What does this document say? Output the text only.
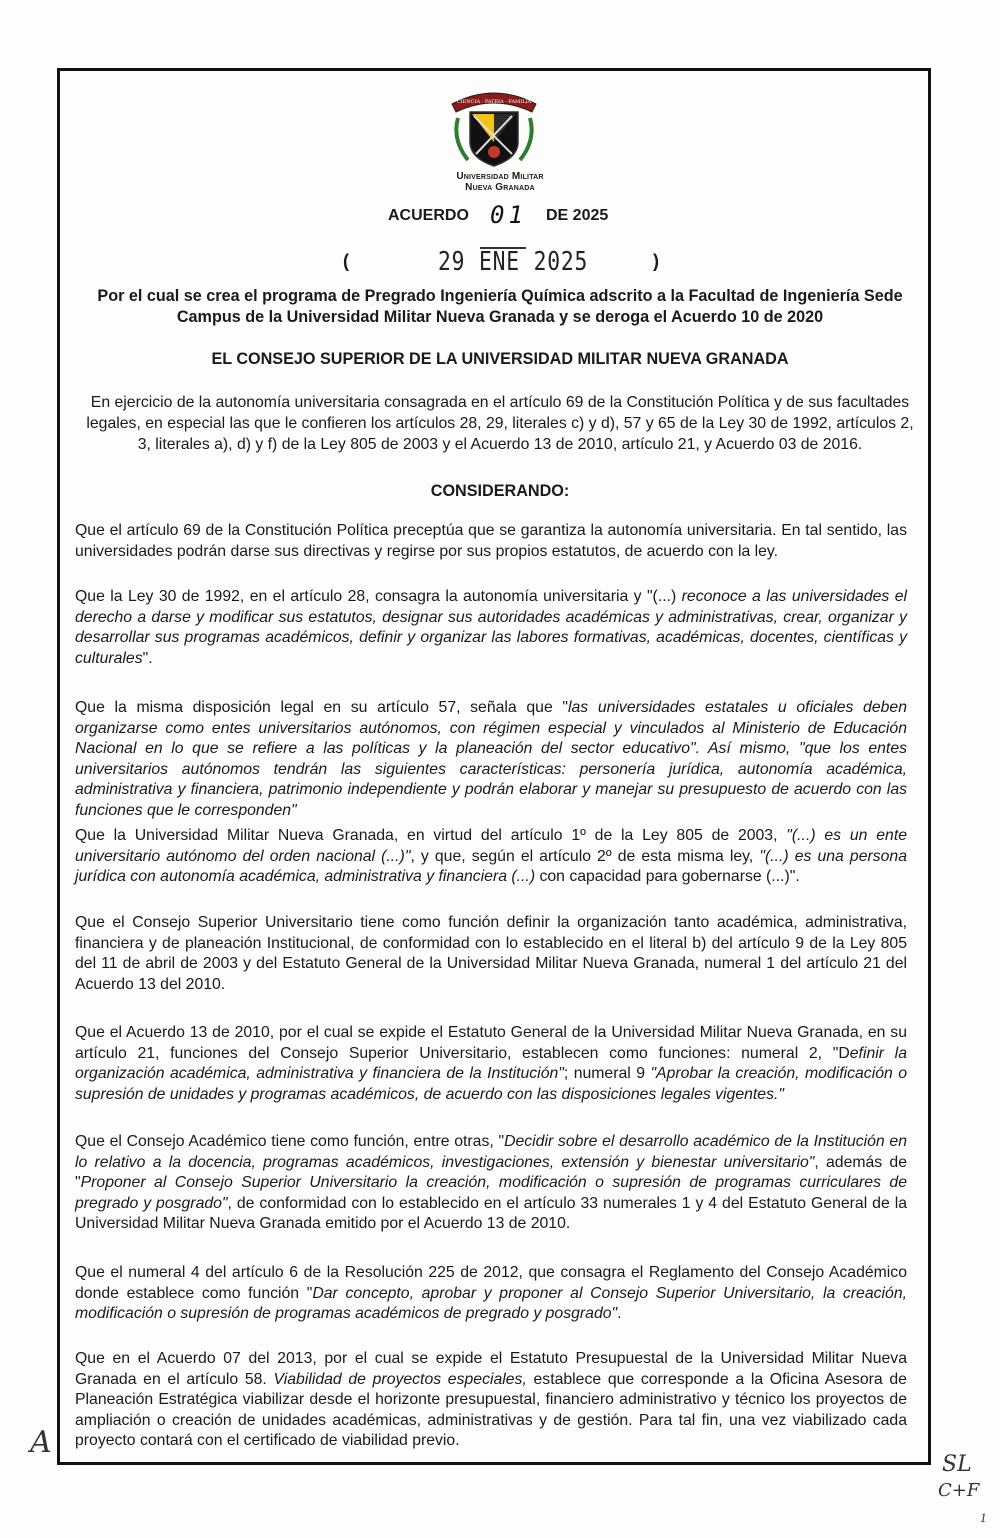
CIENCIA · PATRIA · FAMILIA
Universidad Militar
Nueva Granada
ACUERDO 01 DE 2025
(	29 ENE 2025	)
Por el cual se crea el programa de Pregrado Ingeniería Química adscrito a la Facultad de Ingeniería Sede Campus de la Universidad Militar Nueva Granada y se deroga el Acuerdo 10 de 2020
EL CONSEJO SUPERIOR DE LA UNIVERSIDAD MILITAR NUEVA GRANADA
En ejercicio de la autonomía universitaria consagrada en el artículo 69 de la Constitución Política y de sus facultades legales, en especial las que le confieren los artículos 28, 29, literales c) y d), 57 y 65 de la Ley 30 de 1992, artículos 2, 3, literales a), d) y f) de la Ley 805 de 2003 y el Acuerdo 13 de 2010, artículo 21, y Acuerdo 03 de 2016.
CONSIDERANDO:
Que el artículo 69 de la Constitución Política preceptúa que se garantiza la autonomía universitaria. En tal sentido, las universidades podrán darse sus directivas y regirse por sus propios estatutos, de acuerdo con la ley.
Que la Ley 30 de 1992, en el artículo 28, consagra la autonomía universitaria y "(...) reconoce a las universidades el derecho a darse y modificar sus estatutos, designar sus autoridades académicas y administrativas, crear, organizar y desarrollar sus programas académicos, definir y organizar las labores formativas, académicas, docentes, científicas y culturales".
Que la misma disposición legal en su artículo 57, señala que "las universidades estatales u oficiales deben organizarse como entes universitarios autónomos, con régimen especial y vinculados al Ministerio de Educación Nacional en lo que se refiere a las políticas y la planeación del sector educativo". Así mismo, "que los entes universitarios autónomos tendrán las siguientes características: personería jurídica, autonomía académica, administrativa y financiera, patrimonio independiente y podrán elaborar y manejar su presupuesto de acuerdo con las funciones que le corresponden"
Que la Universidad Militar Nueva Granada, en virtud del artículo 1º de la Ley 805 de 2003, "(...) es un ente universitario autónomo del orden nacional (...)", y que, según el artículo 2º de esta misma ley, "(...) es una persona jurídica con autonomía académica, administrativa y financiera (...) con capacidad para gobernarse (...)".
Que el Consejo Superior Universitario tiene como función definir la organización tanto académica, administrativa, financiera y de planeación Institucional, de conformidad con lo establecido en el literal b) del artículo 9 de la Ley 805 del 11 de abril de 2003 y del Estatuto General de la Universidad Militar Nueva Granada, numeral 1 del artículo 21 del Acuerdo 13 del 2010.
Que el Acuerdo 13 de 2010, por el cual se expide el Estatuto General de la Universidad Militar Nueva Granada, en su artículo 21, funciones del Consejo Superior Universitario, establecen como funciones: numeral 2, "Definir la organización académica, administrativa y financiera de la Institución"; numeral 9 "Aprobar la creación, modificación o supresión de unidades y programas académicos, de acuerdo con las disposiciones legales vigentes."
Que el Consejo Académico tiene como función, entre otras, "Decidir sobre el desarrollo académico de la Institución en lo relativo a la docencia, programas académicos, investigaciones, extensión y bienestar universitario", además de "Proponer al Consejo Superior Universitario la creación, modificación o supresión de programas curriculares de pregrado y posgrado", de conformidad con lo establecido en el artículo 33 numerales 1 y 4 del Estatuto General de la Universidad Militar Nueva Granada emitido por el Acuerdo 13 de 2010.
Que el numeral 4 del artículo 6 de la Resolución 225 de 2012, que consagra el Reglamento del Consejo Académico donde establece como función "Dar concepto, aprobar y proponer al Consejo Superior Universitario, la creación, modificación o supresión de programas académicos de pregrado y posgrado".
Que en el Acuerdo 07 del 2013, por el cual se expide el Estatuto Presupuestal de la Universidad Militar Nueva Granada en el artículo 58. Viabilidad de proyectos especiales, establece que corresponde a la Oficina Asesora de Planeación Estratégica viabilizar desde el horizonte presupuestal, financiero administrativo y técnico los proyectos de ampliación o creación de unidades académicas, administrativas y de gestión. Para tal fin, una vez viabilizado cada proyecto contará con el certificado de viabilidad previo.
A
SL
C+F
1
